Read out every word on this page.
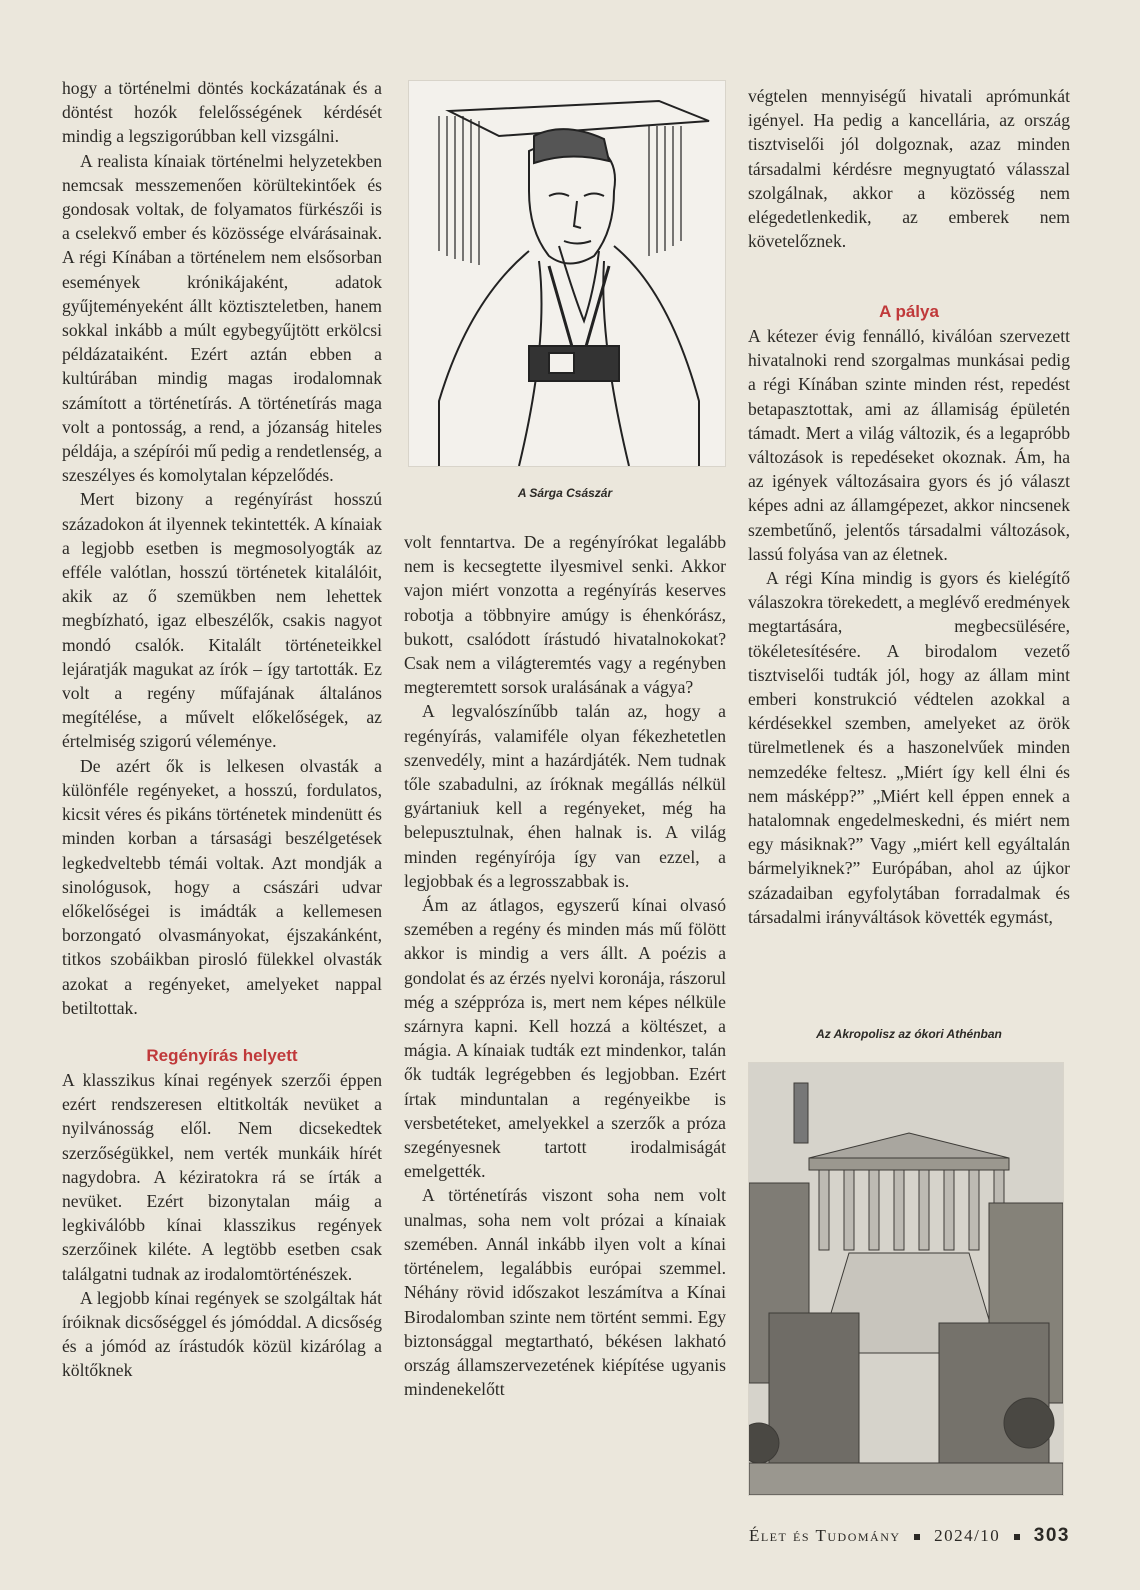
hogy a történelmi döntés kockázatának és a döntést hozók felelősségének kérdését mindig a legszigorúbban kell vizsgálni.

A realista kínaiak történelmi helyzetekben nemcsak messzemenően körültekintőek és gondosak voltak, de folyamatos fürkészői is a cselekvő ember és közössége elvárásainak. A régi Kínában a történelem nem elsősorban események krónikájaként, adatok gyűjteményeként állt köztiszteletben, hanem sokkal inkább a múlt egybegyűjtött erkölcsi példázataiként. Ezért aztán ebben a kultúrában mindig magas irodalomnak számított a történetírás. A történetírás maga volt a pontosság, a rend, a józanság hiteles példája, a szépírói mű pedig a rendetlenség, a szeszélyes és komolytalan képzelődés.

Mert bizony a regényírást hosszú századokon át ilyennek tekintették. A kínaiak a legjobb esetben is megmosolyogták az efféle valótlan, hosszú történetek kitalálóit, akik az ő szemükben nem lehettek megbízható, igaz elbeszélők, csakis nagyot mondó csalók. Kitalált történeteikkel lejáratják magukat az írók – így tartották. Ez volt a regény műfajának általános megítélése, a művelt előkelőségek, az értelmiség szigorú véleménye.

De azért ők is lelkesen olvasták a különféle regényeket, a hosszú, fordulatos, kicsit véres és pikáns történetek mindenütt és minden korban a társasági beszélgetések legkedveltebb témái voltak. Azt mondják a sinológusok, hogy a császári udvar előkelőségei is imádták a kellemesen borzongató olvasmányokat, éjszakánként, titkos szobáikban pirosló fülekkel olvasták azokat a regényeket, amelyeket nappal betiltottak.

Regényírás helyett

A klasszikus kínai regények szerzői éppen ezért rendszeresen eltitkolták nevüket a nyilvánosság elől. Nem dicsekedtek szerzőségükkel, nem verték munkáik hírét nagydobra. A kéziratokra rá se írták a nevüket. Ezért bizonytalan máig a legkiválóbb kínai klasszikus regények szerzőinek kiléte. A legtöbb esetben csak találgatni tudnak az irodalomtörténészek.

A legjobb kínai regények se szolgáltak hát íróiknak dicsőséggel és jómóddal. A dicsőség és a jómód az írástudók közül kizárólag a költőknek

A Sárga Császár

volt fenntartva. De a regényírókat legalább nem is kecsegtette ilyesmivel senki. Akkor vajon miért vonzotta a regényírás keserves robotja a többnyire amúgy is éhenkórász, bukott, csalódott írástudó hivatalnokokat? Csak nem a világteremtés vagy a regényben megteremtett sorsok uralásának a vágya?

A legvalószínűbb talán az, hogy a regényírás, valamiféle olyan fékezhetetlen szenvedély, mint a hazárdjáték. Nem tudnak tőle szabadulni, az íróknak megállás nélkül gyártaniuk kell a regényeket, még ha belepusztulnak, éhen halnak is. A világ minden regényírója így van ezzel, a legjobbak és a legrosszabbak is.

Ám az átlagos, egyszerű kínai olvasó szemében a regény és minden más mű fölött akkor is mindig a vers állt. A poézis a gondolat és az érzés nyelvi koronája, rászorul még a széppróza is, mert nem képes nélküle szárnyra kapni. Kell hozzá a költészet, a mágia. A kínaiak tudták ezt mindenkor, talán ők tudták legrégebben és legjobban. Ezért írtak minduntalan a regényeikbe is versbetéteket, amelyekkel a szerzők a próza szegényesnek tartott irodalmiságát emelgették.

A történetírás viszont soha nem volt unalmas, soha nem volt prózai a kínaiak szemében. Annál inkább ilyen volt a kínai történelem, legalábbis európai szemmel. Néhány rövid időszakot leszámítva a Kínai Birodalomban szinte nem történt semmi. Egy biztonsággal megtartható, békésen lakható ország államszervezetének kiépítése ugyanis mindenekelőtt

végtelen mennyiségű hivatali aprómunkát igényel. Ha pedig a kancellária, az ország tisztviselői jól dolgoznak, azaz minden társadalmi kérdésre megnyugtató válasszal szolgálnak, akkor a közösség nem elégedetlenkedik, az emberek nem követelőznek.

A pálya

A kétezer évig fennálló, kiválóan szervezett hivatalnoki rend szorgalmas munkásai pedig a régi Kínában szinte minden rést, repedést betapasztottak, ami az államiság épületén támadt. Mert a világ változik, és a legapróbb változások is repedéseket okoznak. Ám, ha az igények változásaira gyors és jó választ képes adni az államgépezet, akkor nincsenek szembetűnő, jelentős társadalmi változások, lassú folyása van az életnek.

A régi Kína mindig is gyors és kielégítő válaszokra törekedett, a meglévő eredmények megtartására, megbecsülésére, tökéletesítésére. A birodalom vezető tisztviselői tudták jól, hogy az állam mint emberi konstrukció védtelen azokkal a kérdésekkel szemben, amelyeket az örök türelmetlenek és a haszonelvűek minden nemzedéke feltesz. „Miért így kell élni és nem másképp?” „Miért kell éppen ennek a hatalomnak engedelmeskedni, és miért nem egy másiknak?” Vagy „miért kell egyáltalán bármelyiknek?” Európában, ahol az újkor századaiban egyfolytában forradalmak és társadalmi irányváltások követték egymást,

Az Akropolisz az ókori Athénban
Élet és Tudomány 2024/10 303
